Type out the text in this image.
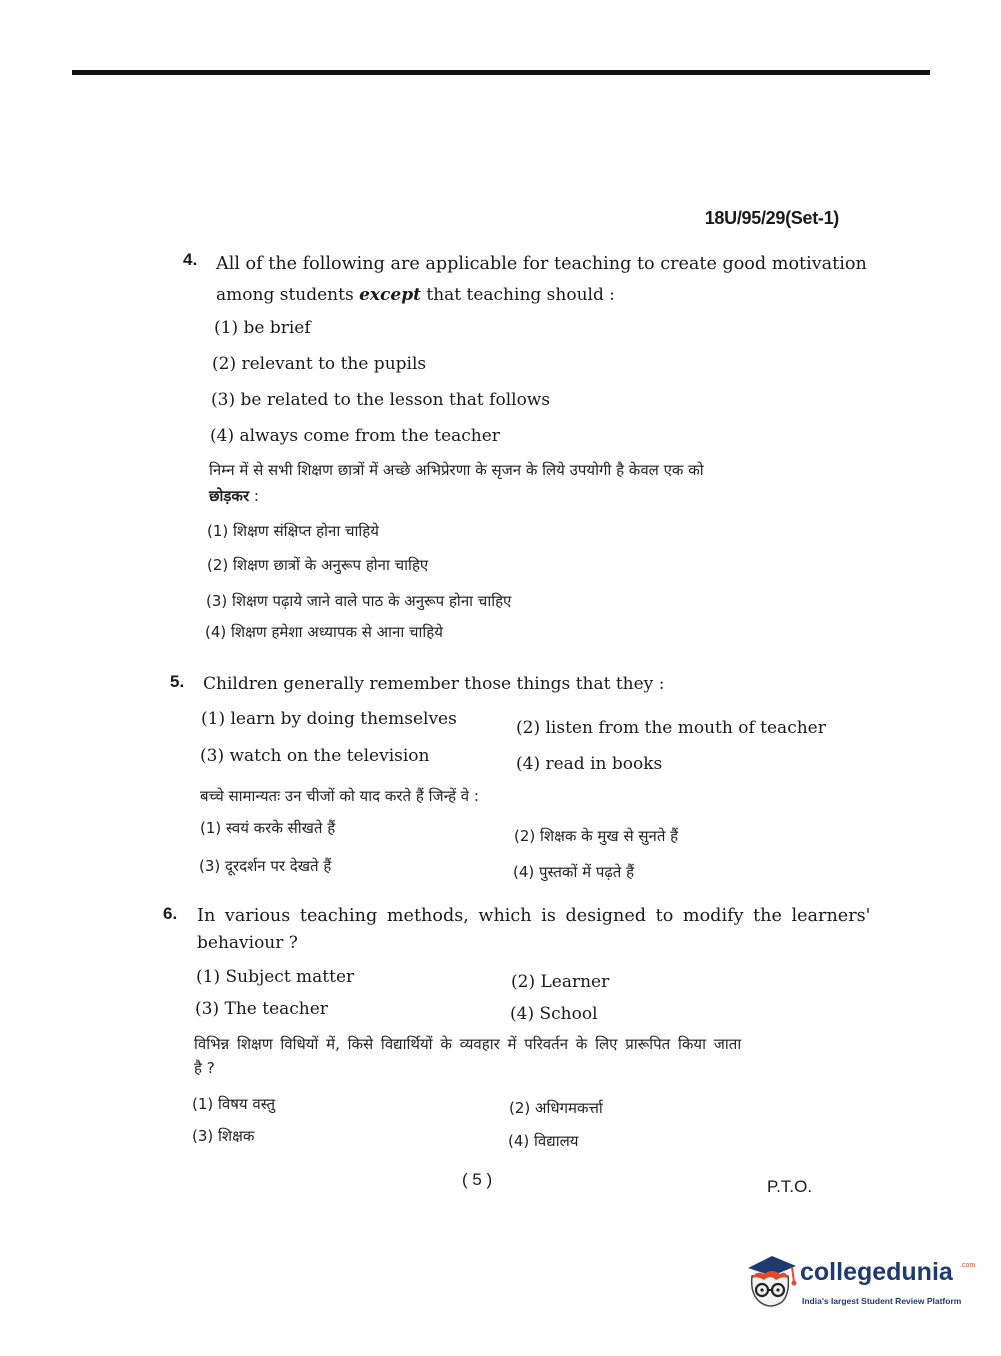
18U/95/29(Set-1)
4. All of the following are applicable for teaching to create good motivation
among students except that teaching should :
(1) be brief
(2) relevant to the pupils
(3) be related to the lesson that follows
(4) always come from the teacher
निम्न में से सभी शिक्षण छात्रों में अच्छे अभिप्रेरणा के सृजन के लिये उपयोगी है केवल एक को
छोड़कर :
(1) शिक्षण संक्षिप्त होना चाहिये
(2) शिक्षण छात्रों के अनुरूप होना चाहिए
(3) शिक्षण पढ़ाये जाने वाले पाठ के अनुरूप होना चाहिए
(4) शिक्षण हमेशा अध्यापक से आना चाहिये
5. Children generally remember those things that they :
(1) learn by doing themselves	(2) listen from the mouth of teacher
(3) watch on the television	(4) read in books
बच्चे सामान्यतः उन चीजों को याद करते हैं जिन्हें वे :
(1) स्वयं करके सीखते हैं	(2) शिक्षक के मुख से सुनते हैं
(3) दूरदर्शन पर देखते हैं	(4) पुस्तकों में पढ़ते हैं
6. In various teaching methods, which is designed to modify the learners'
behaviour ?
(1) Subject matter	(2) Learner
(3) The teacher	(4) School
विभिन्न शिक्षण विधियों में, किसे विद्यार्थियों के व्यवहार में परिवर्तन के लिए प्रारूपित किया जाता
है ?
(1) विषय वस्तु	(2) अधिगमकर्त्ता
(3) शिक्षक	(4) विद्यालय
( 5 )	P.T.O.
collegedunia .com
India's largest Student Review Platform
